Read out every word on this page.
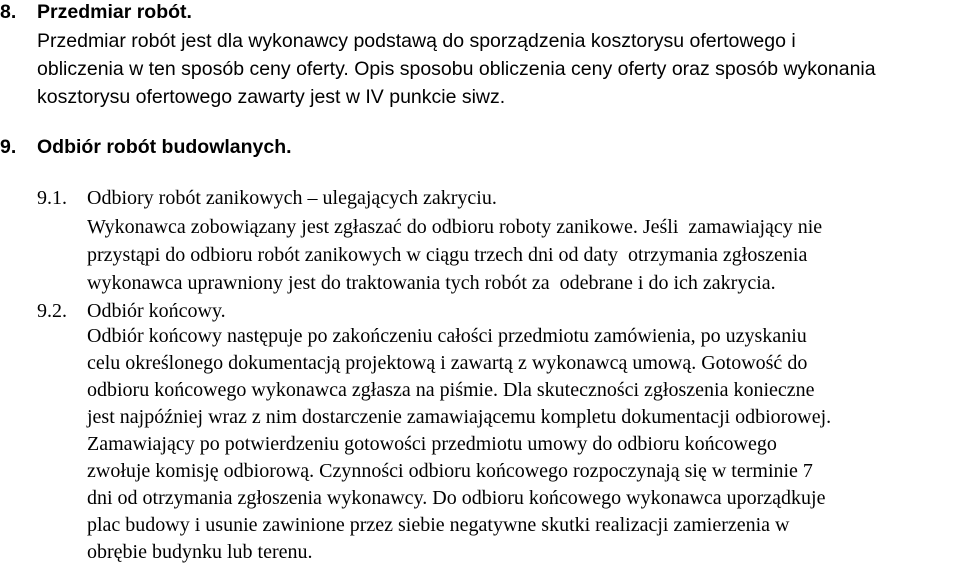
8. Przedmiar robót.
Przedmiar robót jest dla wykonawcy podstawą do sporządzenia kosztorysu ofertowego i
obliczenia w ten sposób ceny oferty. Opis sposobu obliczenia ceny oferty oraz sposób wykonania
kosztorysu ofertowego zawarty jest w IV punkcie siwz.
9. Odbiór robót budowlanych.
9.1. Odbiory robót zanikowych – ulegających zakryciu.
Wykonawca zobowiązany jest zgłaszać do odbioru roboty zanikowe. Jeśli  zamawiający nie
przystąpi do odbioru robót zanikowych w ciągu trzech dni od daty  otrzymania zgłoszenia
wykonawca uprawniony jest do traktowania tych robót za  odebrane i do ich zakrycia.
9.2. Odbiór końcowy.
Odbiór końcowy następuje po zakończeniu całości przedmiotu zamówienia, po uzyskaniu
celu określonego dokumentacją projektową i zawartą z wykonawcą umową. Gotowość do
odbioru końcowego wykonawca zgłasza na piśmie. Dla skuteczności zgłoszenia konieczne
jest najpóźniej wraz z nim dostarczenie zamawiającemu kompletu dokumentacji odbiorowej.
Zamawiający po potwierdzeniu gotowości przedmiotu umowy do odbioru końcowego
zwołuje komisję odbiorową. Czynności odbioru końcowego rozpoczynają się w terminie 7
dni od otrzymania zgłoszenia wykonawcy. Do odbioru końcowego wykonawca uporządkuje
plac budowy i usunie zawinione przez siebie negatywne skutki realizacji zamierzenia w
obrębie budynku lub terenu.
